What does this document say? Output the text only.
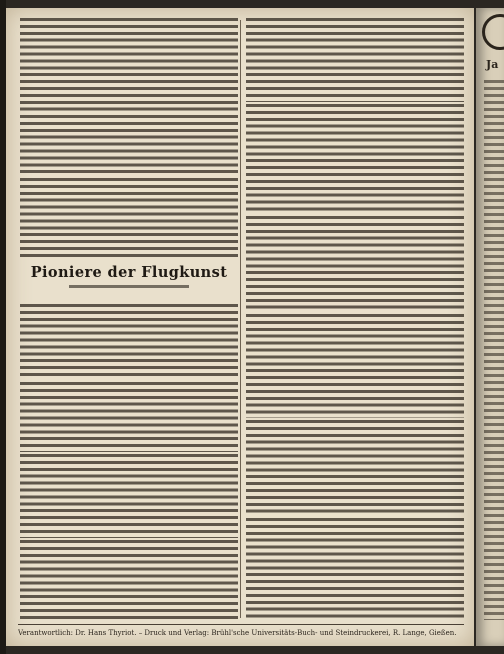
Pioniere der Flugkunst
Verantwortlich: Dr. Hans Thyriot. – Druck und Verlag: Brühl'sche Universitäts-Buch- und Steindruckerei, R. Lange, Gießen.
Ja
